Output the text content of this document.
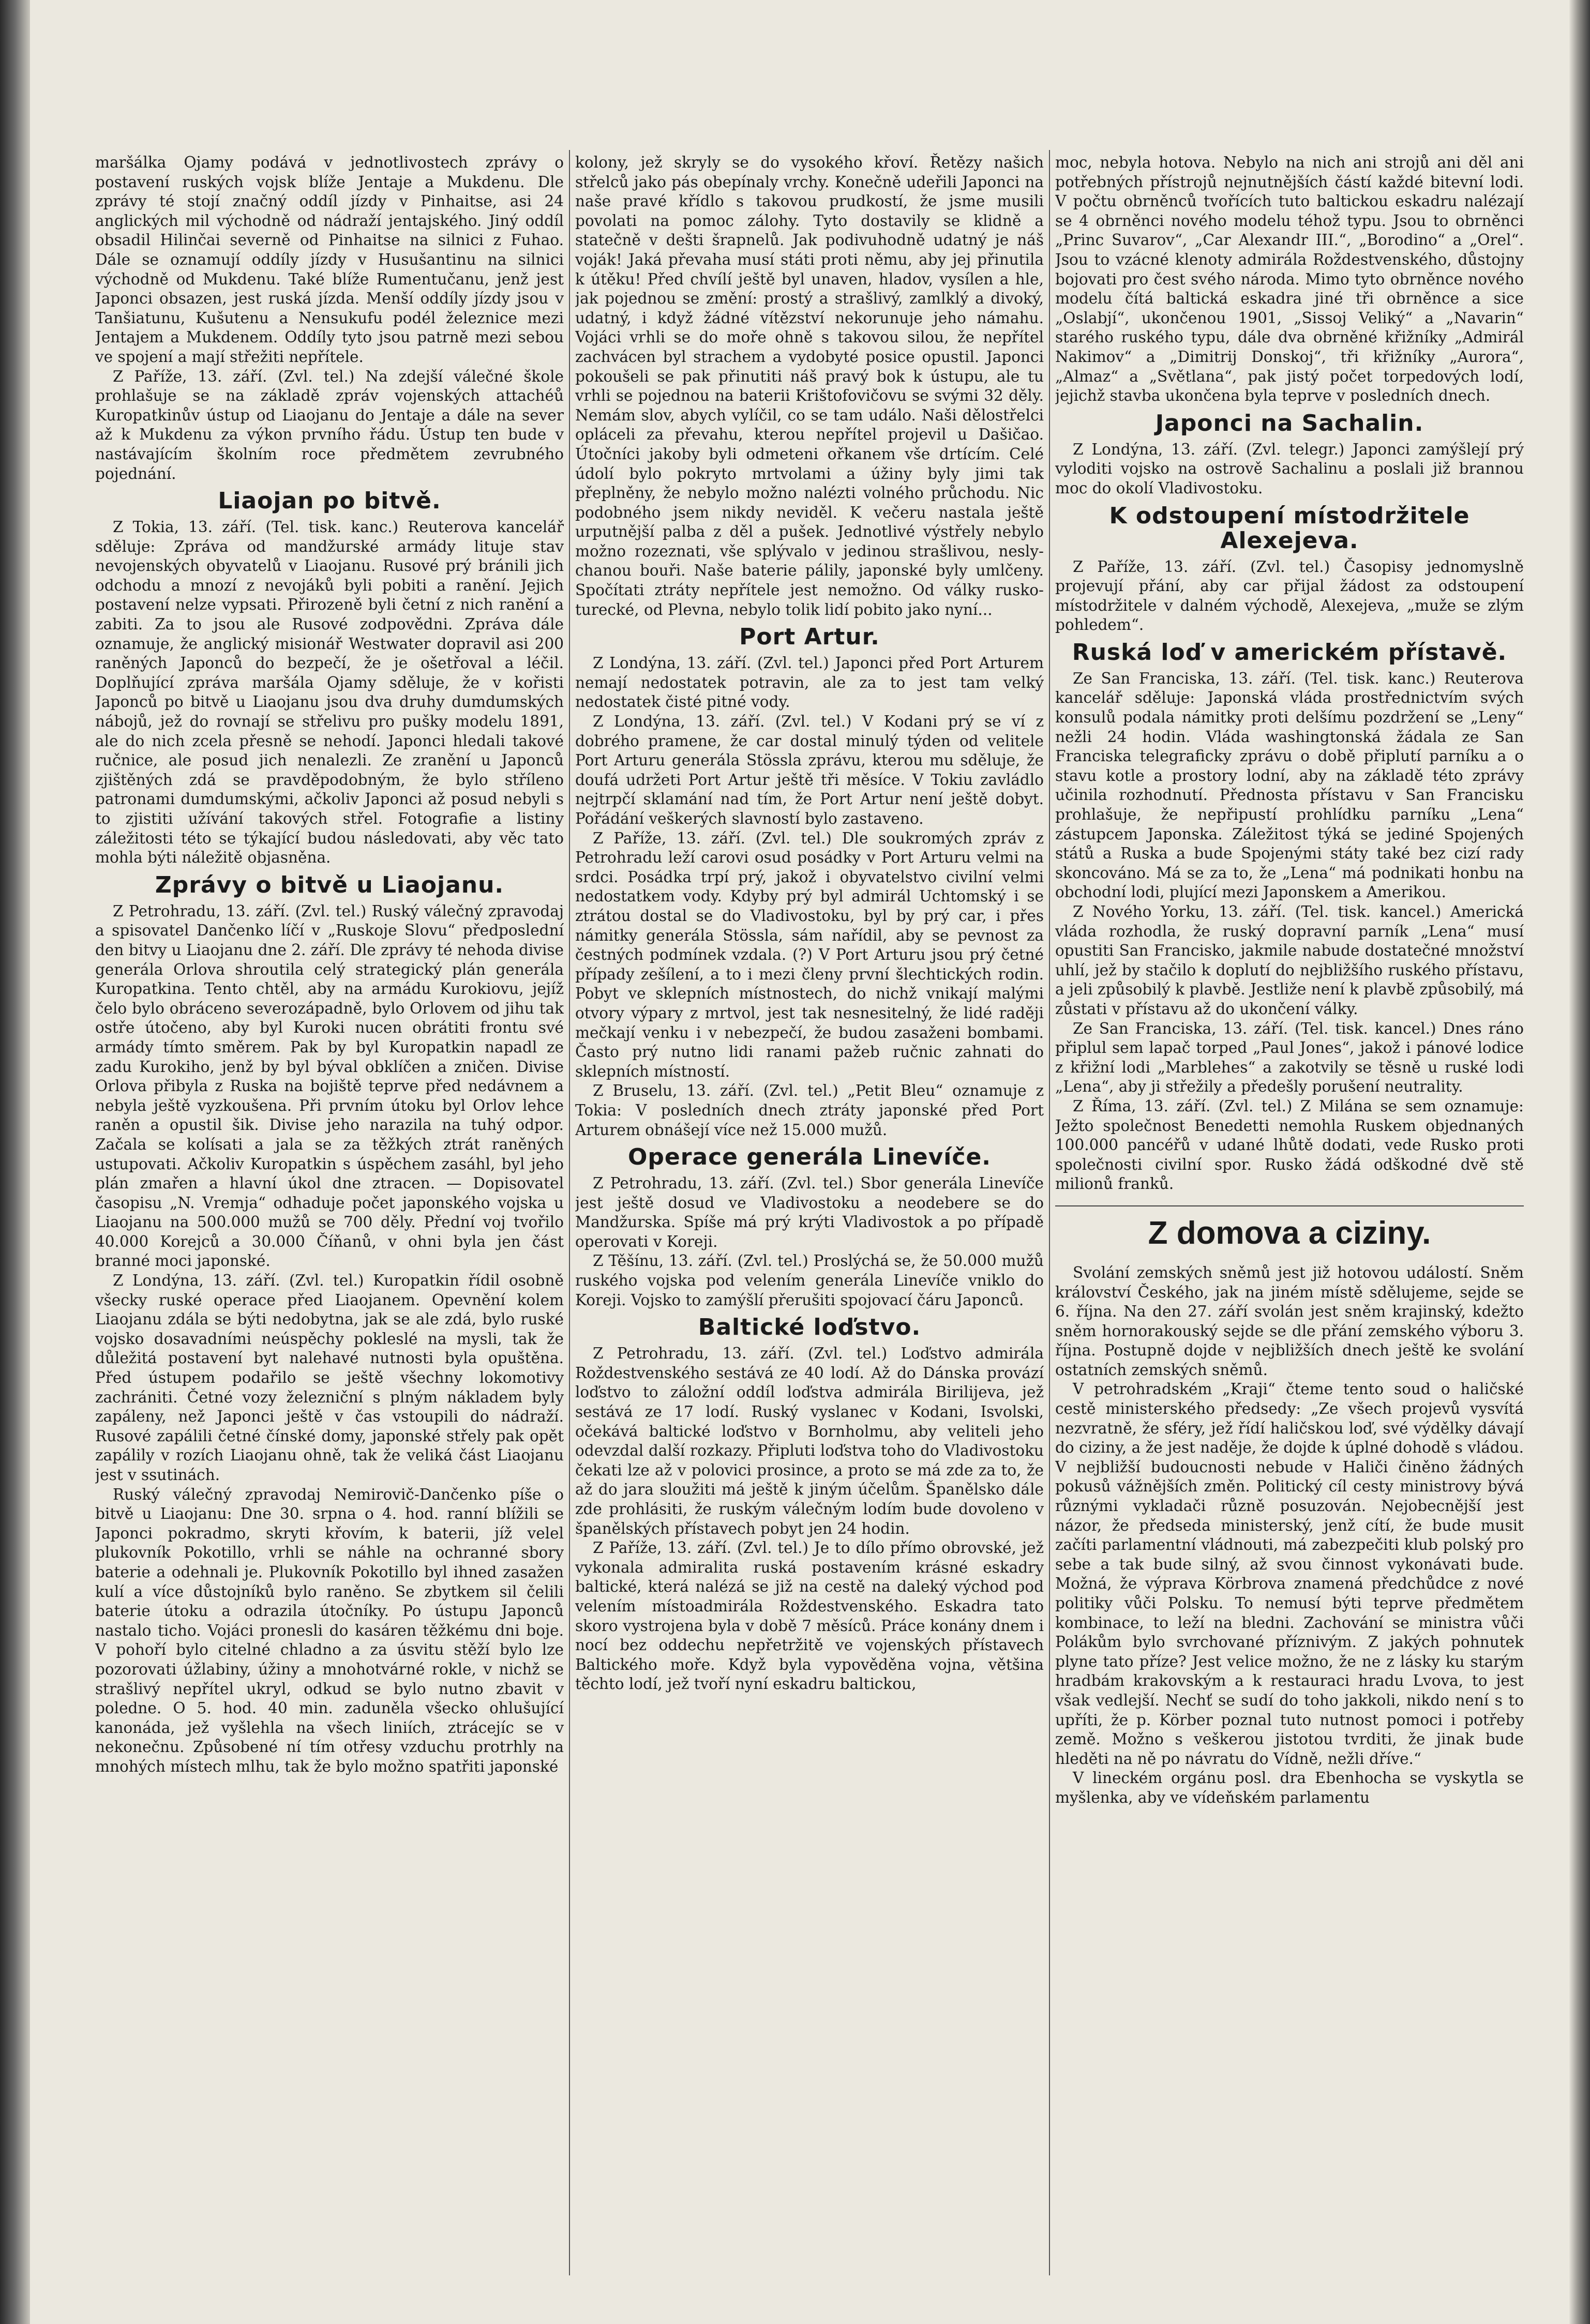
maršálka Ojamy podává v jednotlivostech zprávy o postavení ruských vojsk blíže Jentaje a Mukdenu. Dle zprávy té stojí značný oddíl jízdy v Pinhaitse, asi 24 anglických mil východně od nádraží jentajského. Jiný oddíl obsadil Hilinčai severně od Pinhaitse na silnici z Fuhao. Dále se oznamují oddíly jízdy v Husušantinu na silnici východně od Mukdenu. Také blíže Rumentučanu, jenž jest Japonci obsazen, jest ruská jízda. Menší oddíly jízdy jsou v Tanšiatunu, Kušutenu a Nensukufu podél železnice mezi Jentajem a Mukdenem. Oddíly tyto jsou patrně mezi sebou ve spojení a mají střežiti nepřítele.

Z Paříže, 13. září. (Zvl. tel.) Na zdejší válečné škole prohlašuje se na základě zpráv vojenských attachéů Kuropatkinův ústup od Liaojanu do Jentaje a dále na sever až k Mukdenu za výkon prvního řádu. Ústup ten bude v nastávajícím školním roce předmětem zevrubného pojednání.

Liaojan po bitvě.

Z Tokia, 13. září. (Tel. tisk. kanc.) Reuterova kancelář sděluje: Zpráva od mandžurské armády lituje stav nevojenských obyvatelů v Liaojanu. Rusové prý bránili jich odchodu a mnozí z nevojáků byli pobiti a ranění. Jejich postavení nelze vypsati. Přirozeně byli četní z nich ranění a zabiti. Za to jsou ale Rusové zodpovědni. Zpráva dále oznamuje, že anglický misionář Westwater dopravil asi 200 raněných Japonců do bezpečí, že je ošetřoval a léčil. Doplňující zpráva maršála Ojamy sděluje, že v kořisti Japonců po bitvě u Liaojanu jsou dva druhy dumdumských nábojů, jež do rovnají se střelivu pro pušky modelu 1891, ale do nich zcela přesně se nehodí. Japonci hledali takové ručnice, ale posud jich nenalezli. Ze zranění u Japonců zjištěných zdá se pravděpodobným, že bylo stříleno patronami dumdumskými, ačkoliv Japonci až posud nebyli s to zjistiti užívání takových střel. Fotografie a listiny záležitosti této se týkající budou následovati, aby věc tato mohla býti náležitě objasněna.

Zprávy o bitvě u Liaojanu.

Z Petrohradu, 13. září. (Zvl. tel.) Ruský válečný zpravodaj a spisovatel Dančenko líčí v „Ruskoje Slovu“ předposlední den bitvy u Liaojanu dne 2. září. Dle zprávy té nehoda divise generála Orlova shroutila celý strategický plán generála Kuropatkina. Tento chtěl, aby na armádu Kurokiovu, jejíž čelo bylo obráceno severozápadně, bylo Orlovem od jihu tak ostře útočeno, aby byl Kuroki nucen obrátiti frontu své armády tímto směrem. Pak by byl Kuropatkin napadl ze zadu Kurokiho, jenž by byl býval obklíčen a zničen. Divise Orlova přibyla z Ruska na bojiště teprve před nedávnem a nebyla ještě vyzkoušena. Při prvním útoku byl Orlov lehce raněn a opustil šik. Divise jeho narazila na tuhý odpor. Začala se kolísati a jala se za těžkých ztrát raněných ustupovati. Ačkoliv Kuropatkin s úspěchem zasáhl, byl jeho plán zmařen a hlavní úkol dne ztracen. — Dopisovatel časopisu „N. Vremja“ odhaduje počet japonského vojska u Liaojanu na 500.000 mužů se 700 děly. Přední voj tvořilo 40.000 Korejců a 30.000 Číňanů, v ohni byla jen část branné moci japonské.

Z Londýna, 13. září. (Zvl. tel.) Kuropatkin řídil osobně všecky ruské operace před Liaojanem. Opevnění kolem Liaojanu zdála se býti nedobytna, jak se ale zdá, bylo ruské vojsko dosavadními neúspěchy pokleslé na mysli, tak že důležitá postavení byt nalehavé nutnosti byla opuštěna. Před ústupem podařilo se ještě všechny lokomotivy zachrániti. Četné vozy železniční s plným nákladem byly zapáleny, než Japonci ještě v čas vstoupili do nádraží. Rusové zapálili četné čínské domy, japonské střely pak opět zapálily v rozích Liaojanu ohně, tak že veliká část Liaojanu jest v ssutinách.

Ruský válečný zpravodaj Nemirovič-Dančenko píše o bitvě u Liaojanu: Dne 30. srpna o 4. hod. ranní blížili se Japonci pokradmo, skryti křovím, k baterii, jíž velel plukovník Pokotillo, vrhli se náhle na ochranné sbory baterie a odehnali je. Plukovník Pokotillo byl ihned zasažen kulí a více důstojníků bylo raněno. Se zbytkem sil čelili baterie útoku a odrazila útočníky. Po ústupu Japonců nastalo ticho. Vojáci pronesli do kasáren těžkému dni boje. V pohoří bylo citelné chladno a za úsvitu stěží bylo lze pozorovati úžlabiny, úžiny a mnohotvárné rokle, v nichž se strašlivý nepřítel ukryl, odkud se bylo nutno zbavit v poledne. O 5. hod. 40 min. zaduněla všecko ohlušující kanonáda, jež vyšlehla na všech liniích, ztrácejíc se v nekonečnu. Způsobené ní tím otřesy vzduchu protrhly na mnohých místech mlhu, tak že bylo možno spatřiti japonské

kolony, jež skryly se do vysokého křoví. Řetězy našich střelců jako pás obepínaly vrchy. Konečně udeřili Japonci na naše pravé křídlo s takovou prudkostí, že jsme musili povolati na pomoc zálohy. Tyto dostavily se klidně a statečně v dešti šrapnelů. Jak podivuhodně udatný je náš voják! Jaká převaha musí státi proti němu, aby jej přinutila k útěku! Před chvílí ještě byl unaven, hladov, vysílen a hle, jak pojednou se změní: prostý a strašlivý, zamlklý a divoký, udatný, i když žádné vítězství nekorunuje jeho námahu. Vojáci vrhli se do moře ohně s takovou silou, že nepřítel zachvácen byl strachem a vydobyté posice opustil. Japonci pokoušeli se pak přinutiti náš pravý bok k ústupu, ale tu vrhli se pojednou na baterii Krištofovičovu se svými 32 děly. Nemám slov, abych vylíčil, co se tam událo. Naši dělostřelci opláceli za převahu, kterou nepřítel projevil u Dašičao. Útočníci jakoby byli odmeteni ořkanem vše drtícím. Celé údolí bylo pokryto mrtvolami a úžiny byly jimi tak přeplněny, že nebylo možno nalézti volného průchodu. Nic podobného jsem nikdy neviděl. K večeru nastala ještě urputnější palba z děl a pušek. Jednotlivé výstřely nebylo možno rozeznati, vše splývalo v jedinou strašlivou, neslychanou bouři. Naše baterie pálily, japonské byly umlčeny. Spočítati ztráty nepřítele jest nemožno. Od války rusko-turecké, od Plevna, nebylo tolik lidí pobito jako nyní...

Port Artur.

Z Londýna, 13. září. (Zvl. tel.) Japonci před Port Arturem nemají nedostatek potravin, ale za to jest tam velký nedostatek čisté pitné vody.

Z Londýna, 13. září. (Zvl. tel.) V Kodani prý se ví z dobrého pramene, že car dostal minulý týden od velitele Port Arturu generála Stössla zprávu, kterou mu sděluje, že doufá udržeti Port Artur ještě tři měsíce. V Tokiu zavládlo nejtrpčí sklamání nad tím, že Port Artur není ještě dobyt. Pořádání veškerých slavností bylo zastaveno.

Z Paříže, 13. září. (Zvl. tel.) Dle soukromých zpráv z Petrohradu leží carovi osud posádky v Port Arturu velmi na srdci. Posádka trpí prý, jakož i obyvatelstvo civilní velmi nedostatkem vody. Kdyby prý byl admirál Uchtomský i se ztrátou dostal se do Vladivostoku, byl by prý car, i přes námitky generála Stössla, sám nařídil, aby se pevnost za čestných podmínek vzdala. (?) V Port Arturu jsou prý četné případy zešílení, a to i mezi členy první šlechtických rodin. Pobyt ve sklepních místnostech, do nichž vnikají malými otvory výpary z mrtvol, jest tak nesnesitelný, že lidé raději mečkají venku i v nebezpečí, že budou zasaženi bombami. Často prý nutno lidi ranami pažeb ručnic zahnati do sklepních místností.

Z Bruselu, 13. září. (Zvl. tel.) „Petit Bleu“ oznamuje z Tokia: V posledních dnech ztráty japonské před Port Arturem obnášejí více než 15.000 mužů.

Operace generála Linevíče.

Z Petrohradu, 13. září. (Zvl. tel.) Sbor generála Linevíče jest ještě dosud ve Vladivostoku a neodebere se do Mandžurska. Spíše má prý krýti Vladivostok a po případě operovati v Koreji.

Z Těšínu, 13. září. (Zvl. tel.) Proslýchá se, že 50.000 mužů ruského vojska pod velením generála Linevíče vniklo do Koreji. Vojsko to zamýšlí přerušiti spojovací čáru Japonců.

Baltické loďstvo.

Z Petrohradu, 13. září. (Zvl. tel.) Loďstvo admirála Roždestvenského sestává ze 40 lodí. Až do Dánska provází loďstvo to záložní oddíl loďstva admirála Birilijeva, jež sestává ze 17 lodí. Ruský vyslanec v Kodani, Isvolski, očekává baltické loďstvo v Bornholmu, aby veliteli jeho odevzdal další rozkazy. Připluti loďstva toho do Vladivostoku čekati lze až v polovici prosince, a proto se má zde za to, že až do jara sloužiti má ještě k jiným účelům. Španělsko dále zde prohlásiti, že ruským válečným lodím bude dovoleno v španělských přístavech pobyt jen 24 hodin.

Z Paříže, 13. září. (Zvl. tel.) Je to dílo přímo obrovské, jež vykonala admiralita ruská postavením krásné eskadry baltické, která nalézá se již na cestě na daleký východ pod velením místoadmirála Roždestvenského. Eskadra tato skoro vystrojena byla v době 7 měsíců. Práce konány dnem i nocí bez oddechu nepřetržitě ve vojenských přístavech Baltického moře. Když byla vypověděna vojna, většina těchto lodí, jež tvoří nyní eskadru baltickou,

moc, nebyla hotova. Nebylo na nich ani strojů ani děl ani potřebných přístrojů nejnutnějších částí každé bitevní lodi. V počtu obrněnců tvořících tuto baltickou eskadru nalézají se 4 obrněnci nového modelu téhož typu. Jsou to obrněnci „Princ Suvarov“, „Car Alexandr III.“, „Borodino“ a „Orel“. Jsou to vzácné klenoty admirála Roždestvenského, důstojny bojovati pro čest svého národa. Mimo tyto obrněnce nového modelu čítá baltická eskadra jiné tři obrněnce a sice „Oslabjí“, ukončenou 1901, „Sissoj Veliký“ a „Navarin“ starého ruského typu, dále dva obrněné křižníky „Admirál Nakimov“ a „Dimitrij Donskoj“, tři křižníky „Aurora“, „Almaz“ a „Světlana“, pak jistý počet torpedových lodí, jejichž stavba ukončena byla teprve v posledních dnech.

Japonci na Sachalin.

Z Londýna, 13. září. (Zvl. telegr.) Japonci zamýšlejí prý vyloditi vojsko na ostrově Sachalinu a poslali již brannou moc do okolí Vladivostoku.

K odstoupení místodržitele Alexejeva.

Z Paříže, 13. září. (Zvl. tel.) Časopisy jednomyslně projevují přání, aby car přijal žádost za odstoupení místodržitele v dalném východě, Alexejeva, „muže se zlým pohledem“.

Ruská loď v americkém přístavě.

Ze San Franciska, 13. září. (Tel. tisk. kanc.) Reuterova kancelář sděluje: Japonská vláda prostřednictvím svých konsulů podala námitky proti delšímu pozdržení se „Leny“ nežli 24 hodin. Vláda washingtonská žádala ze San Franciska telegraficky zprávu o době připlutí parníku a o stavu kotle a prostory lodní, aby na základě této zprávy učinila rozhodnutí. Přednosta přístavu v San Francisku prohlašuje, že nepřipustí prohlídku parníku „Lena“ zástupcem Japonska. Záležitost týká se jediné Spojených států a Ruska a bude Spojenými státy také bez cizí rady skoncováno. Má se za to, že „Lena“ má podnikati honbu na obchodní lodi, plující mezi Japonskem a Amerikou.

Z Nového Yorku, 13. září. (Tel. tisk. kancel.) Americká vláda rozhodla, že ruský dopravní parník „Lena“ musí opustiti San Francisko, jakmile nabude dostatečné množství uhlí, jež by stačilo k doplutí do nejbližšího ruského přístavu, a jeli způsobilý k plavbě. Jestliže není k plavbě způsobilý, má zůstati v přístavu až do ukončení války.

Ze San Franciska, 13. září. (Tel. tisk. kancel.) Dnes ráno připlul sem lapač torped „Paul Jones“, jakož i pánové lodice z křižní lodi „Marblehes“ a zakotvily se těsně u ruské lodi „Lena“, aby ji střežily a předešly porušení neutrality.

Z Říma, 13. září. (Zvl. tel.) Z Milána se sem oznamuje: Ježto společnost Benedetti nemohla Ruskem objednaných 100.000 pancéřů v udané lhůtě dodati, vede Rusko proti společnosti civilní spor. Rusko žádá odškodné dvě stě milionů franků.

Z domova a ciziny.

Svolání zemských sněmů jest již hotovou událostí. Sněm království Českého, jak na jiném místě sdělujeme, sejde se 6. října. Na den 27. září svolán jest sněm krajinský, kdežto sněm hornorakouský sejde se dle přání zemského výboru 3. října. Postupně dojde v nejbližších dnech ještě ke svolání ostatních zemských sněmů.

V petrohradském „Kraji“ čteme tento soud o haličské cestě ministerského předsedy: „Ze všech projevů vysvítá nezvratně, že sféry, jež řídí haličskou loď, své výdělky dávají do ciziny, a že jest naděje, že dojde k úplné dohodě s vládou. V nejbližší budoucnosti nebude v Haliči činěno žádných pokusů vážnějších změn. Politický cíl cesty ministrovy bývá různými vykladači různě posuzován. Nejobecnější jest názor, že předseda ministerský, jenž cítí, že bude musit začíti parlamentní vládnouti, má zabezpečiti klub polský pro sebe a tak bude silný, až svou činnost vykonávati bude. Možná, že výprava Körbrova znamená předchůdce z nové politiky vůči Polsku. To nemusí býti teprve předmětem kombinace, to leží na bledni. Zachování se ministra vůči Polákům bylo svrchované příznivým. Z jakých pohnutek plyne tato příze? Jest velice možno, že ne z lásky ku starým hradbám krakovským a k restauraci hradu Lvova, to jest však vedlejší. Nechť se sudí do toho jakkoli, nikdo není s to upříti, že p. Körber poznal tuto nutnost pomoci i potřeby země. Možno s veškerou jistotou tvrditi, že jinak bude hleděti na ně po návratu do Vídně, nežli dříve.“

V lineckém orgánu posl. dra Ebenhocha se vyskytla se myšlenka, aby ve vídeňském parlamentu
